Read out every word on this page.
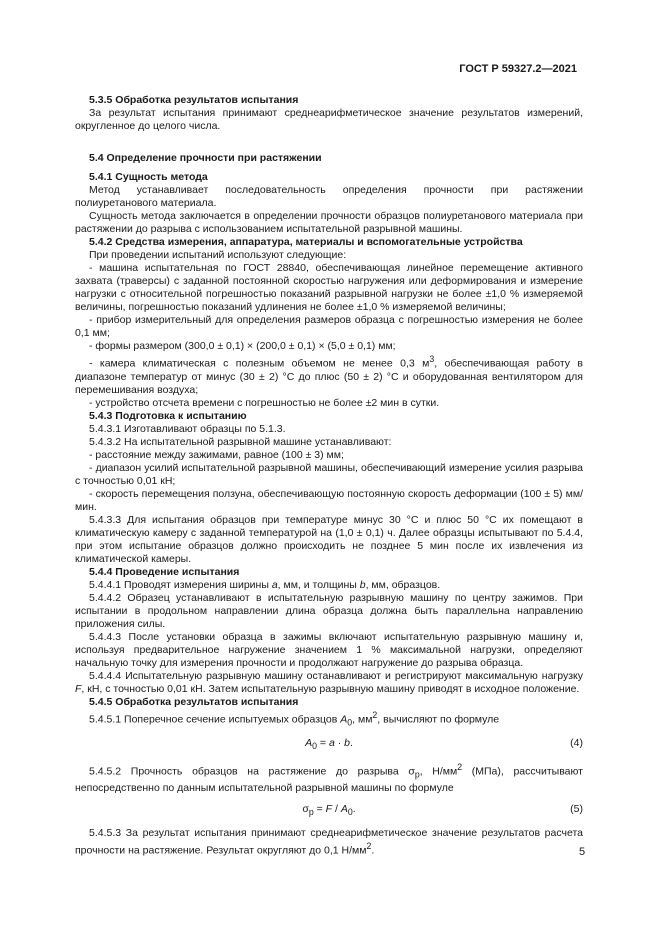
ГОСТ Р 59327.2—2021

5.3.5 Обработка результатов испытания

За результат испытания принимают среднеарифметическое значение результатов измерений, округленное до целого числа.

5.4 Определение прочности при растяжении

5.4.1 Сущность метода

Метод устанавливает последовательность определения прочности при растяжении полиуретанового материала.

Сущность метода заключается в определении прочности образцов полиуретанового материала при растяжении до разрыва с использованием испытательной разрывной машины.

5.4.2 Средства измерения, аппаратура, материалы и вспомогательные устройства

При проведении испытаний используют следующие:

- машина испытательная по ГОСТ 28840, обеспечивающая линейное перемещение активного захвата (траверсы) с заданной постоянной скоростью нагружения или деформирования и измерение нагрузки с относительной погрешностью показаний разрывной нагрузки не более ±1,0 % измеряемой величины, погрешностью показаний удлинения не более ±1,0 % измеряемой величины;

- прибор измерительный для определения размеров образца с погрешностью измерения не более 0,1 мм;

- формы размером (300,0 ± 0,1) × (200,0 ± 0,1) × (5,0 ± 0,1) мм;

- камера климатическая с полезным объемом не менее 0,3 $м^3$, обеспечивающая работу в диапазоне температур от минус (30 ± 2) °С до плюс (50 ± 2) °С и оборудованная вентилятором для перемешивания воздуха;

- устройство отсчета времени с погрешностью не более ±2 мин в сутки.

5.4.3 Подготовка к испытанию

5.4.3.1 Изготавливают образцы по 5.1.3.

5.4.3.2 На испытательной разрывной машине устанавливают:

- расстояние между зажимами, равное (100 ± 3) мм;

- диапазон усилий испытательной разрывной машины, обеспечивающий измерение усилия разрыва с точностью 0,01 кН;

- скорость перемещения ползуна, обеспечивающую постоянную скорость деформации (100 ± 5) мм/мин.

5.4.3.3 Для испытания образцов при температуре минус 30 °С и плюс 50 °С их помещают в климатическую камеру с заданной температурой на (1,0 ± 0,1) ч. Далее образцы испытывают по 5.4.4, при этом испытание образцов должно происходить не позднее 5 мин после их извлечения из климатической камеры.

5.4.4 Проведение испытания

5.4.4.1 Проводят измерения ширины a, мм, и толщины b, мм, образцов.

5.4.4.2 Образец устанавливают в испытательную разрывную машину по центру зажимов. При испытании в продольном направлении длина образца должна быть параллельна направлению приложения силы.

5.4.4.3 После установки образца в зажимы включают испытательную разрывную машину и, используя предварительное нагружение значением 1 % максимальной нагрузки, определяют начальную точку для измерения прочности и продолжают нагружение до разрыва образца.

5.4.4.4 Испытательную разрывную машину останавливают и регистрируют максимальную нагрузку F, кН, с точностью 0,01 кН. Затем испытательную разрывную машину приводят в исходное положение.

5.4.5 Обработка результатов испытания

5.4.5.1 Поперечное сечение испытуемых образцов $A_0$, $мм^2$, вычисляют по формуле

$A_0 = a \cdot b$.	(4)

5.4.5.2 Прочность образцов на растяжение до разрыва $\sigma_р$, $Н/мм^2$ (МПа), рассчитывают непосредственно по данным испытательной разрывной машины по формуле

$\sigma_р = F / A_0$.	(5)

5.4.5.3 За результат испытания принимают среднеарифметическое значение результатов расчета прочности на растяжение. Результат округляют до 0,1 $Н/мм^2$.	5
